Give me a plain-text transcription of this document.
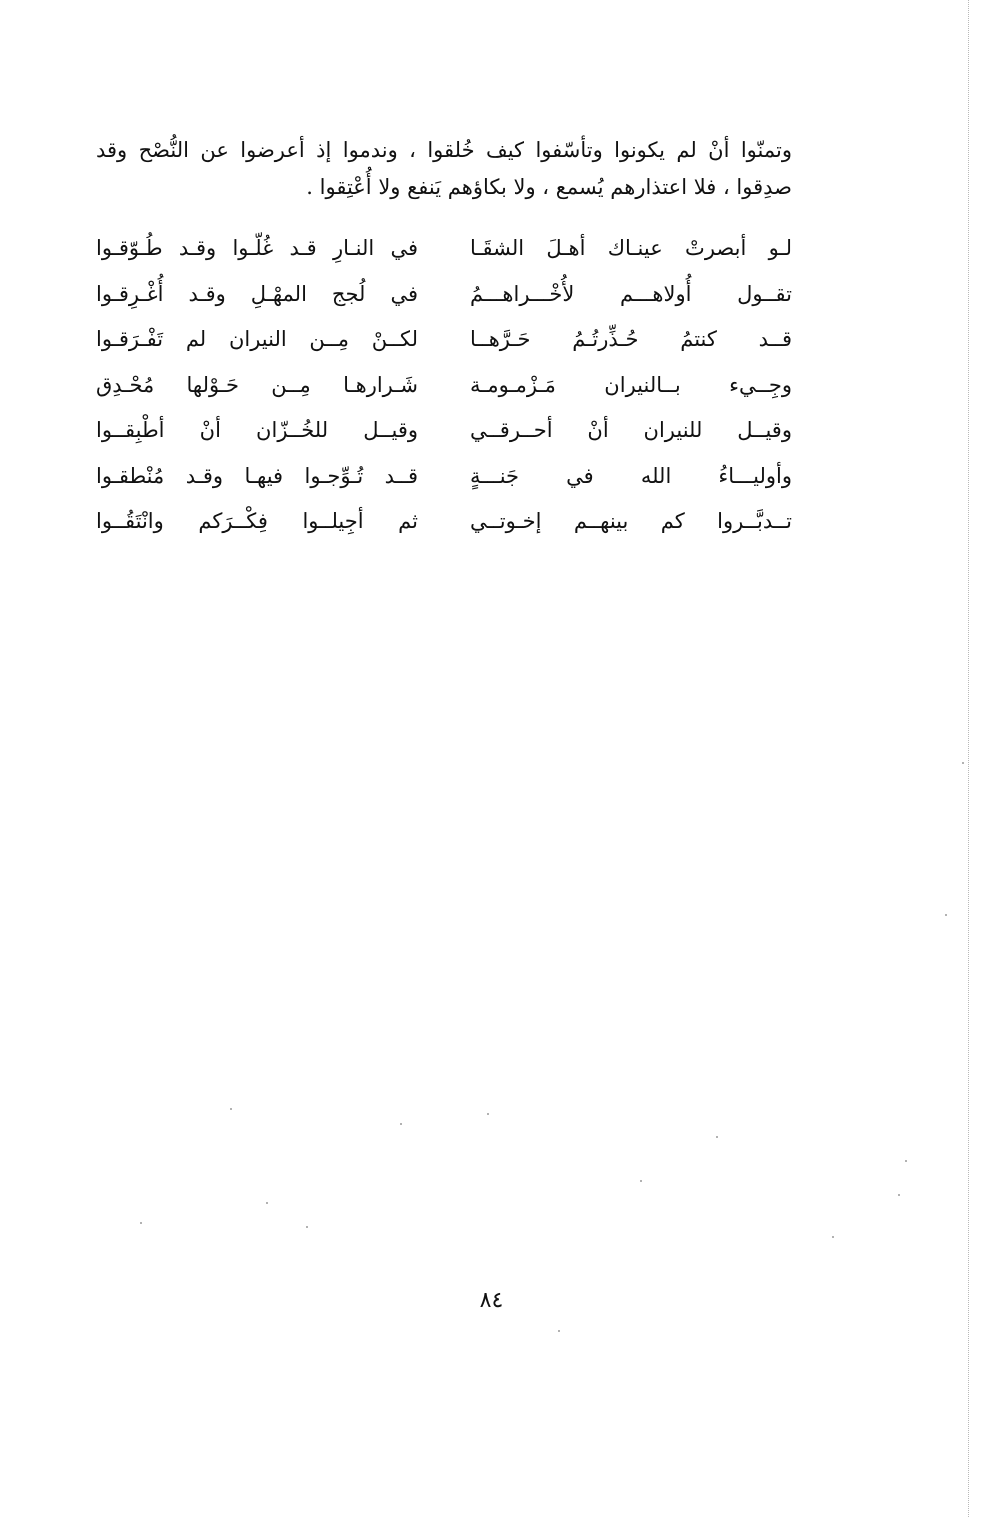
وتمنّوا أنْ لم يكونوا وتأسّفوا كيف خُلقوا ، وندموا إذ أعرضوا عن النُّصْح وقد صدِقوا ، فلا اعتذارهم يُسمع ، ولا بكاؤهم يَنفع ولا أُعْتِقوا .

لـو أبصرتْ عينـاك أهـلَ الشقَـا
في النـارِ قـد غُلّـوا وقـد طُـوّقـوا
تقــول أُولاهـــم لأُخْـــراهـــمُ
في لُجج المهْـلِ وقـد أُغْـرِقـوا
قــد كنتمُ حُـذِّرتُـمُ حَـرَّهــا
لكــنْ مِــن النيران لم تَفْـرَقـوا
وجِــيء بــالنيران مَـزْمـومـة
شَـرارهـا مِــن حَـوْلها مُحْـدِق
وقيــل للنيران أنْ أحــرقــي
وقيــل للخُــزّان أنْ أطْبِقــوا
وأوليـــاءُ الله في جَنـــةٍ
قــد تُـوِّجـوا فيهـا وقـد مُنْطقـوا
تــدبَّــروا كم بينهــم إخـوتــي
ثم أجِيلــوا فِكْــرَكم وانْتَقُــوا
٨٤
